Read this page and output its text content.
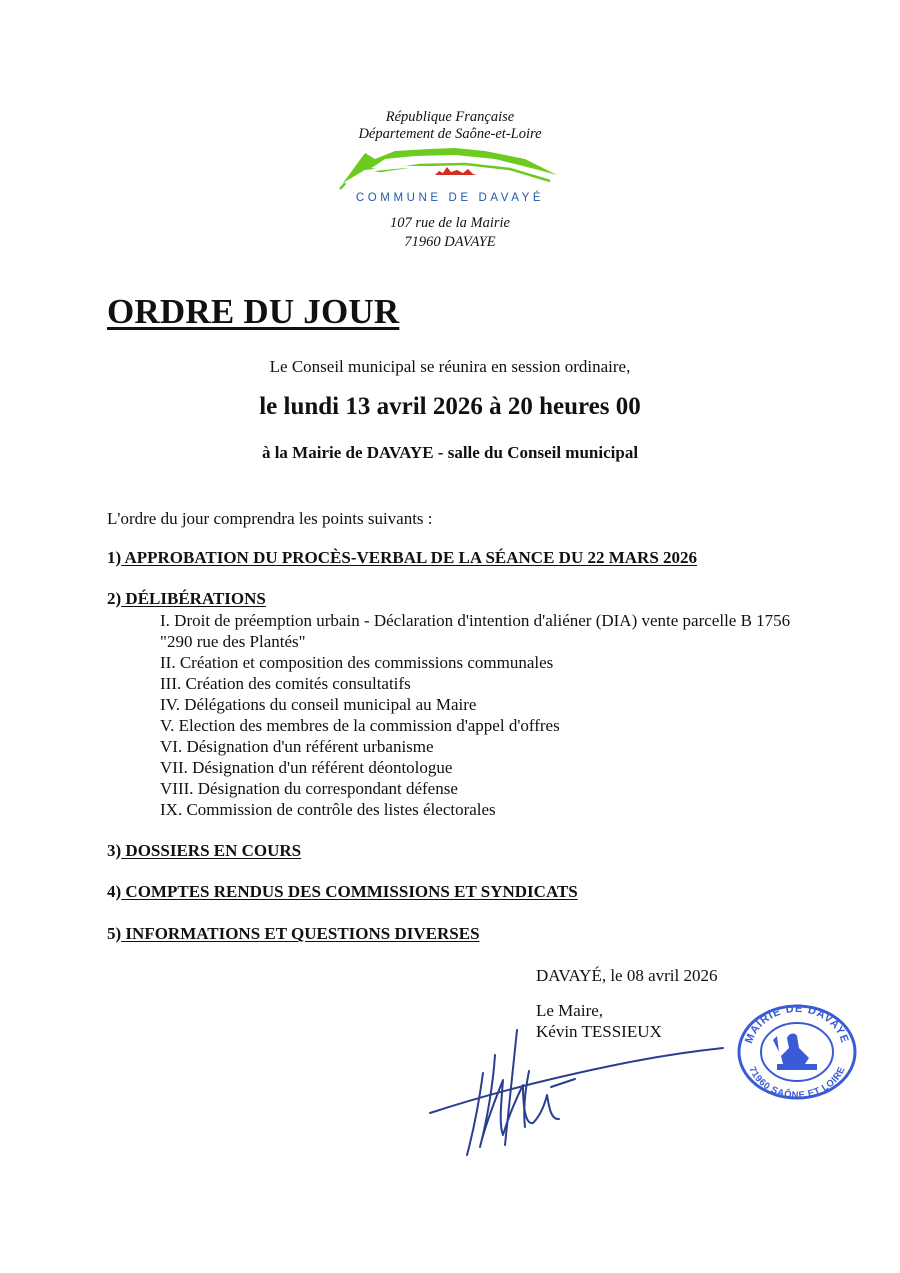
République Française
Département de Saône-et-Loire
COMMUNE DE DAVAYÉ
107 rue de la Mairie
71960 DAVAYE
ORDRE DU JOUR
Le Conseil municipal se réunira en session ordinaire,
le lundi 13 avril 2026 à 20 heures 00
à la Mairie de DAVAYE - salle du Conseil municipal
L'ordre du jour comprendra les points suivants :
1) APPROBATION DU PROCÈS-VERBAL DE LA SÉANCE DU 22 MARS 2026
2) DÉLIBÉRATIONS
I. Droit de préemption urbain - Déclaration d'intention d'aliéner (DIA) vente parcelle B 1756 "290 rue des Plantés"
II. Création et composition des commissions communales
III. Création des comités consultatifs
IV. Délégations du conseil municipal au Maire
V. Election des membres de la commission d'appel d'offres
VI. Désignation d'un référent urbanisme
VII. Désignation d'un référent déontologue
VIII. Désignation du correspondant défense
IX. Commission de contrôle des listes électorales
3) DOSSIERS EN COURS
4) COMPTES RENDUS DES COMMISSIONS ET SYNDICATS
5) INFORMATIONS ET QUESTIONS DIVERSES
DAVAYÉ, le 08 avril 2026
Le Maire,
Kévin TESSIEUX	MAIRIE DE DAVAYE
71960 SAÔNE ET LOIRE
